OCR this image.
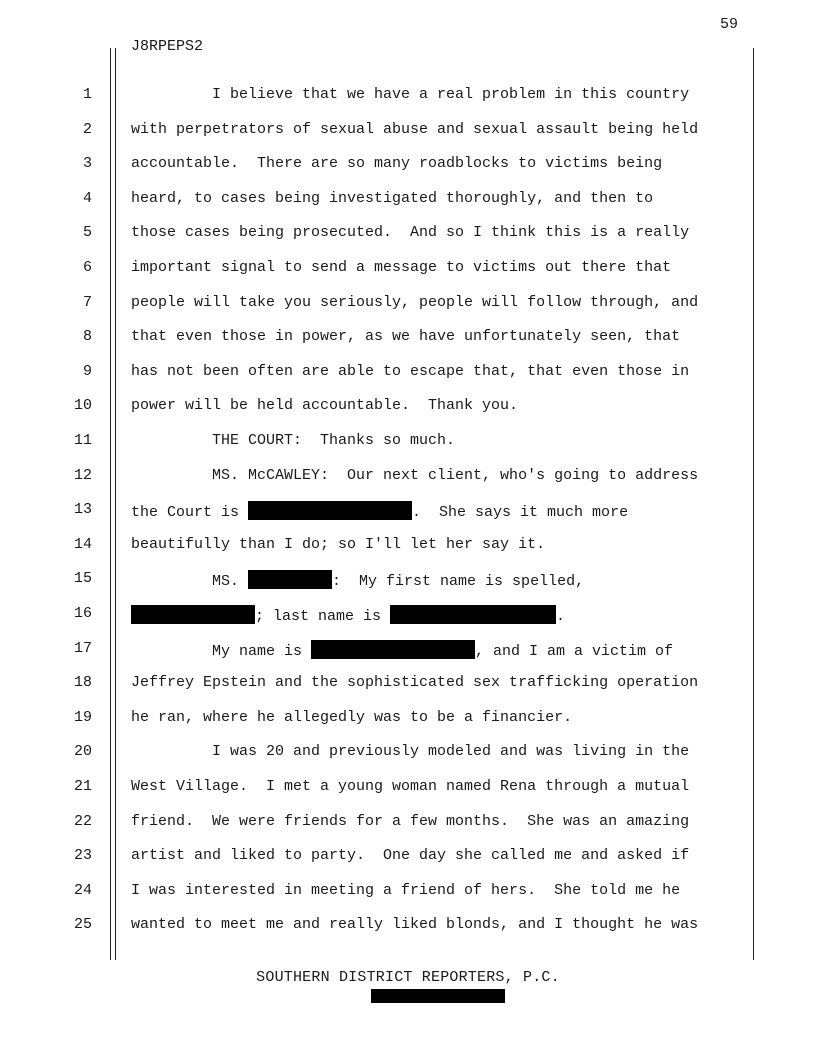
59
J8RPEPS2
1	I believe that we have a real problem in this country
2	with perpetrators of sexual abuse and sexual assault being held
3	accountable.  There are so many roadblocks to victims being
4	heard, to cases being investigated thoroughly, and then to
5	those cases being prosecuted.  And so I think this is a really
6	important signal to send a message to victims out there that
7	people will take you seriously, people will follow through, and
8	that even those in power, as we have unfortunately seen, that
9	has not been often are able to escape that, that even those in
10	power will be held accountable.  Thank you.
11	THE COURT:  Thanks so much.
12	MS. McCAWLEY:  Our next client, who's going to address
13	the Court is	.  She says it much more
14	beautifully than I do; so I'll let her say it.
15	MS.	:  My first name is spelled,
16	; last name is	.
17	My name is	, and I am a victim of
18	Jeffrey Epstein and the sophisticated sex trafficking operation
19	he ran, where he allegedly was to be a financier.
20	I was 20 and previously modeled and was living in the
21	West Village.  I met a young woman named Rena through a mutual
22	friend.  We were friends for a few months.  She was an amazing
23	artist and liked to party.  One day she called me and asked if
24	I was interested in meeting a friend of hers.  She told me he
25	wanted to meet me and really liked blonds, and I thought he was
SOUTHERN DISTRICT REPORTERS, P.C.
